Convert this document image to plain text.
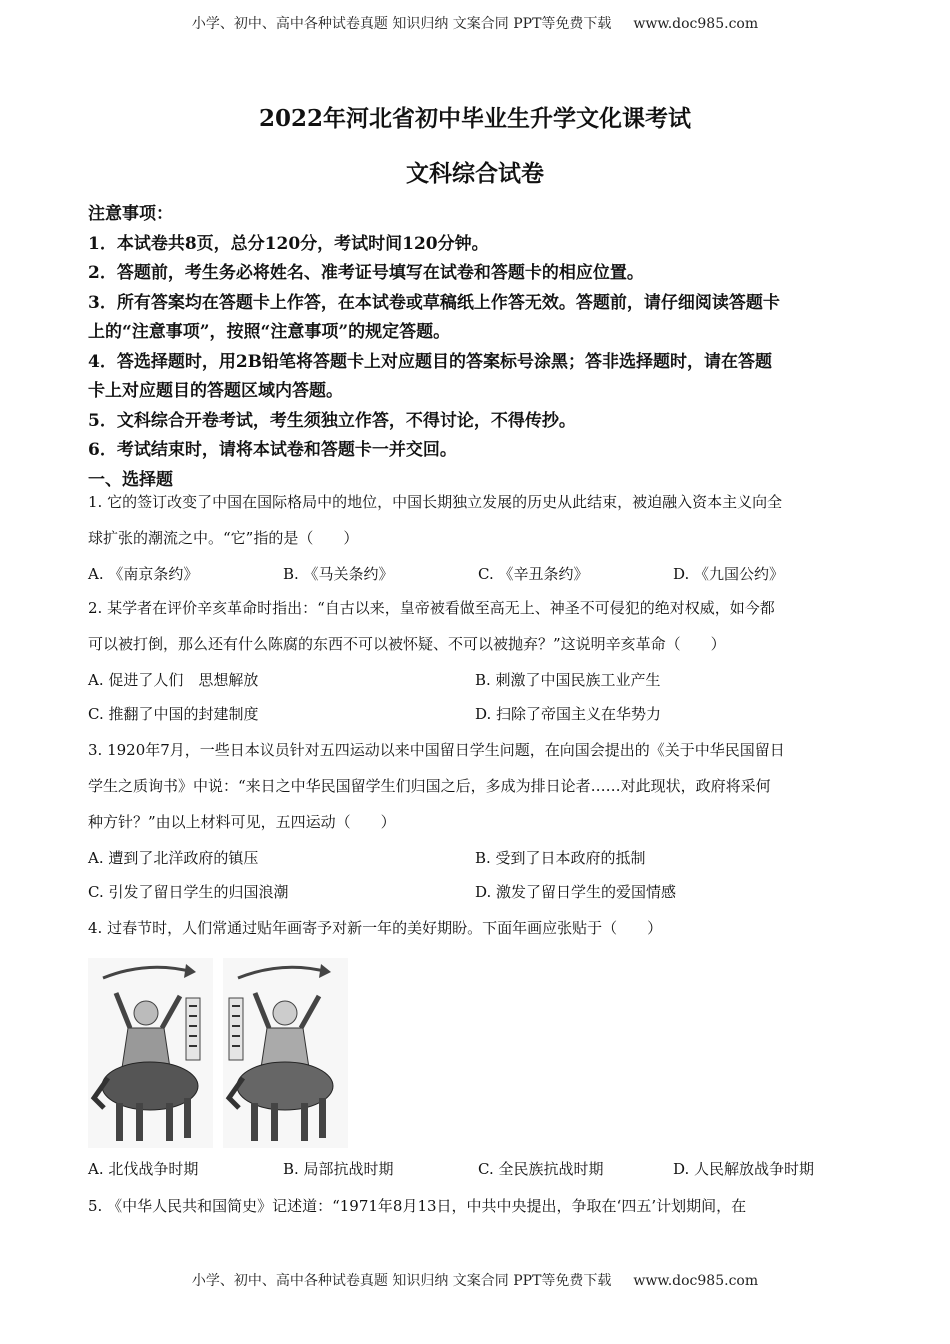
小学、初中、高中各种试卷真题 知识归纳 文案合同 PPT等免费下载 www.doc985.com
2022年河北省初中毕业生升学文化课考试
文科综合试卷
注意事项：
1．本试卷共8页，总分120分，考试时间120分钟。
2．答题前，考生务必将姓名、准考证号填写在试卷和答题卡的相应位置。
3．所有答案均在答题卡上作答，在本试卷或草稿纸上作答无效。答题前，请仔细阅读答题卡
上的“注意事项”，按照“注意事项”的规定答题。
4．答选择题时，用2B铅笔将答题卡上对应题目的答案标号涂黑；答非选择题时，请在答题
卡上对应题目的答题区域内答题。
5．文科综合开卷考试，考生须独立作答，不得讨论，不得传抄。
6．考试结束时，请将本试卷和答题卡一并交回。
一、选择题
1. 它的签订改变了中国在国际格局中的地位，中国长期独立发展的历史从此结束，被迫融入资本主义向全
球扩张的潮流之中。“它”指的是（　　）
A. 《南京条约》	B. 《马关条约》	C. 《辛丑条约》	D. 《九国公约》
2. 某学者在评价辛亥革命时指出：“自古以来，皇帝被看做至高无上、神圣不可侵犯的绝对权威，如今都
可以被打倒，那么还有什么陈腐的东西不可以被怀疑、不可以被抛弃？”这说明辛亥革命（　　）
A. 促进了人们　思想解放	B. 刺激了中国民族工业产生
C. 推翻了中国的封建制度	D. 扫除了帝国主义在华势力
3. 1920年7月，一些日本议员针对五四运动以来中国留日学生问题，在向国会提出的《关于中华民国留日
学生之质询书》中说：“来日之中华民国留学生们归国之后，多成为排日论者……对此现状，政府将采何
种方针？”由以上材料可见，五四运动（　　）
A. 遭到了北洋政府的镇压	B. 受到了日本政府的抵制
C. 引发了留日学生的归国浪潮	D. 激发了留日学生的爱国情感
4. 过春节时，人们常通过贴年画寄予对新一年的美好期盼。下面年画应张贴于（　　）
A. 北伐战争时期	B. 局部抗战时期	C. 全民族抗战时期	D. 人民解放战争时期
5. 《中华人民共和国简史》记述道：“1971年8月13日，中共中央提出，争取在‘四五’计划期间，在
小学、初中、高中各种试卷真题 知识归纳 文案合同 PPT等免费下载 www.doc985.com
